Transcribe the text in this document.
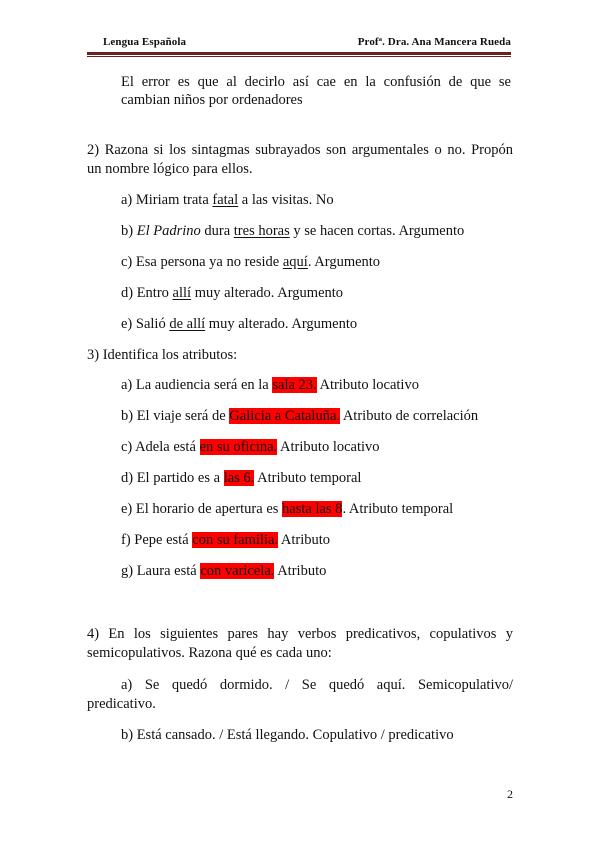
Lengua Española	Profª. Dra. Ana Mancera Rueda
El error es que al decirlo así cae en la confusión de que se
cambian niños por ordenadores
2) Razona si los sintagmas subrayados son argumentales o no. Propón
un nombre lógico para ellos.
a) Miriam trata fatal a las visitas. No
b) El Padrino dura tres horas y se hacen cortas. Argumento
c) Esa persona ya no reside aquí. Argumento
d) Entro allí muy alterado. Argumento
e) Salió de allí muy alterado. Argumento
3) Identifica los atributos:
a) La audiencia será en la sala 23. Atributo locativo
b) El viaje será de Galicia a Cataluña. Atributo de correlación
c) Adela está en su oficina. Atributo locativo
d) El partido es a las 6. Atributo temporal
e) El horario de apertura es hasta las 8. Atributo temporal
f) Pepe está con su familia. Atributo
g) Laura está con varicela. Atributo
4) En los siguientes pares hay verbos predicativos, copulativos y
semicopulativos. Razona qué es cada uno:
a) Se quedó dormido. / Se quedó aquí. Semicopulativo/
predicativo.
b) Está cansado. / Está llegando. Copulativo / predicativo
2
